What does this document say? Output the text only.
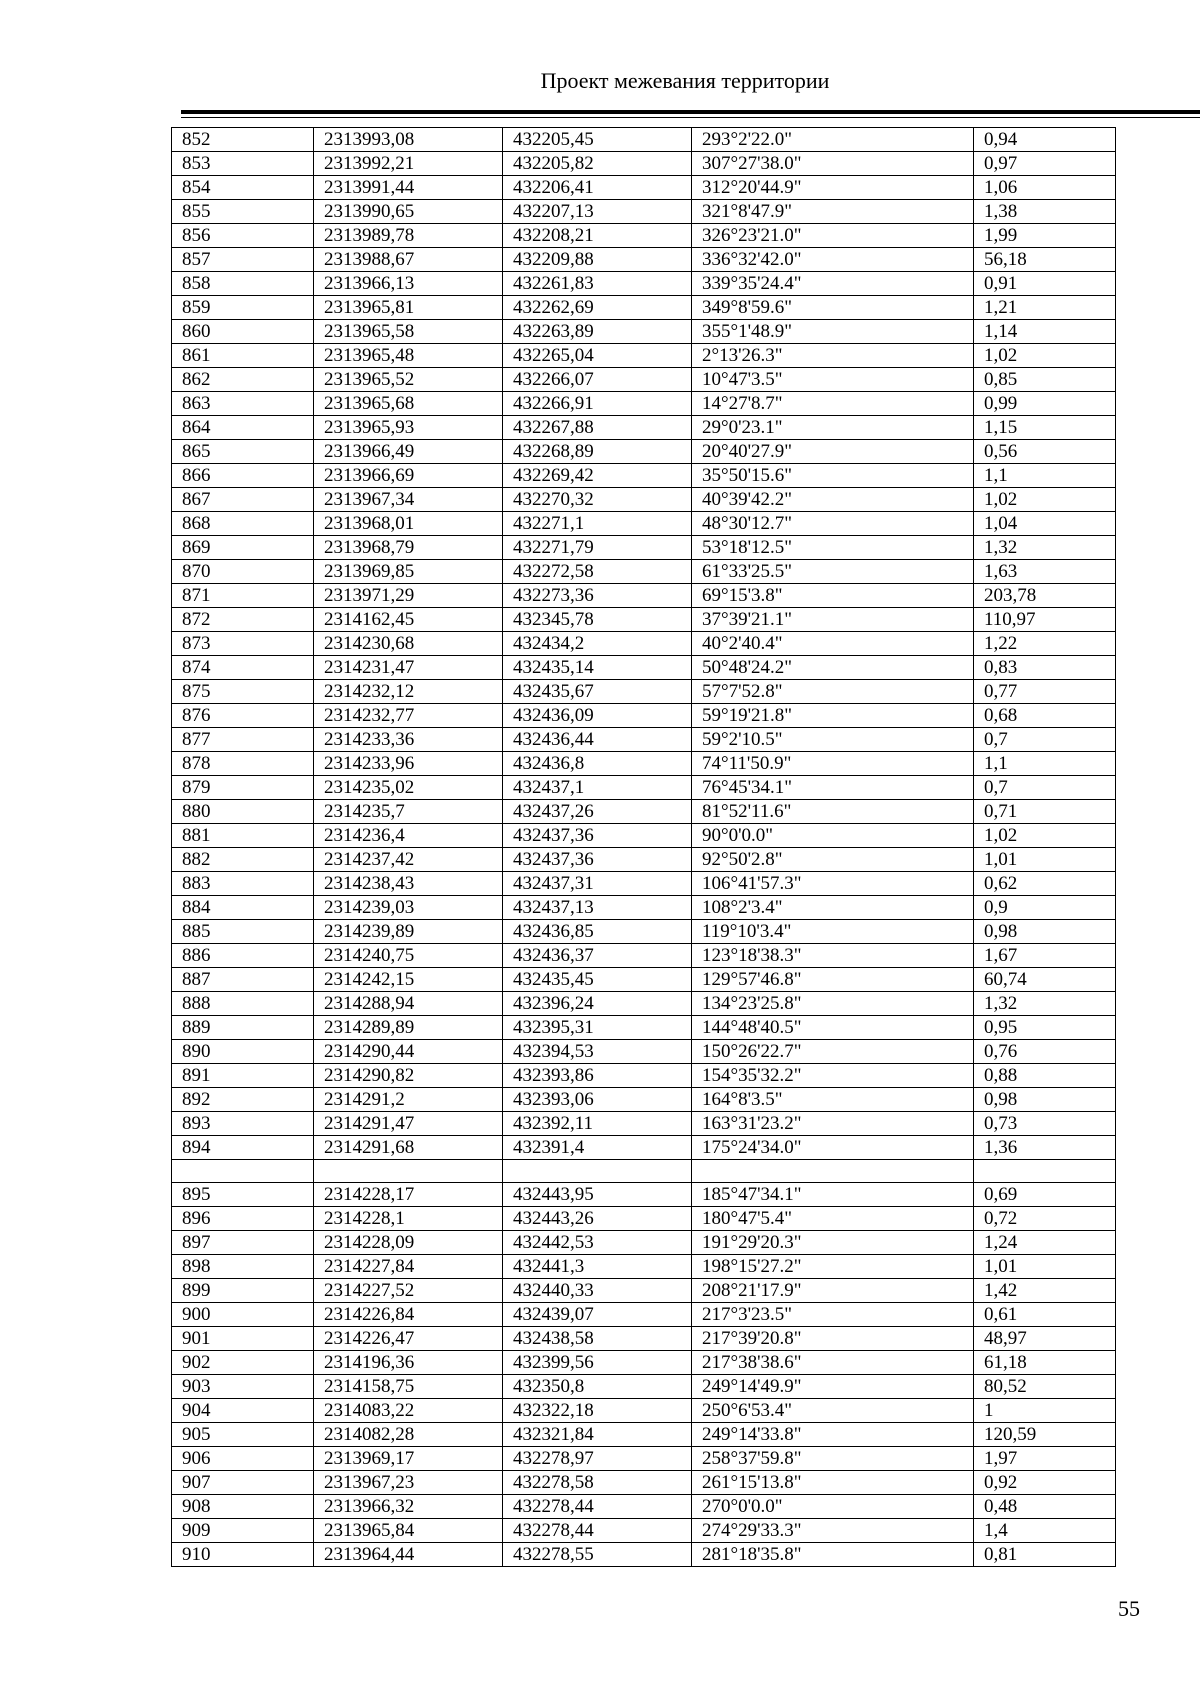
Проект межевания территории
852	2313993,08	432205,45	293°2'22.0"	0,94
853	2313992,21	432205,82	307°27'38.0"	0,97
854	2313991,44	432206,41	312°20'44.9"	1,06
855	2313990,65	432207,13	321°8'47.9"	1,38
856	2313989,78	432208,21	326°23'21.0"	1,99
857	2313988,67	432209,88	336°32'42.0"	56,18
858	2313966,13	432261,83	339°35'24.4"	0,91
859	2313965,81	432262,69	349°8'59.6"	1,21
860	2313965,58	432263,89	355°1'48.9"	1,14
861	2313965,48	432265,04	2°13'26.3"	1,02
862	2313965,52	432266,07	10°47'3.5"	0,85
863	2313965,68	432266,91	14°27'8.7"	0,99
864	2313965,93	432267,88	29°0'23.1"	1,15
865	2313966,49	432268,89	20°40'27.9"	0,56
866	2313966,69	432269,42	35°50'15.6"	1,1
867	2313967,34	432270,32	40°39'42.2"	1,02
868	2313968,01	432271,1	48°30'12.7"	1,04
869	2313968,79	432271,79	53°18'12.5"	1,32
870	2313969,85	432272,58	61°33'25.5"	1,63
871	2313971,29	432273,36	69°15'3.8"	203,78
872	2314162,45	432345,78	37°39'21.1"	110,97
873	2314230,68	432434,2	40°2'40.4"	1,22
874	2314231,47	432435,14	50°48'24.2"	0,83
875	2314232,12	432435,67	57°7'52.8"	0,77
876	2314232,77	432436,09	59°19'21.8"	0,68
877	2314233,36	432436,44	59°2'10.5"	0,7
878	2314233,96	432436,8	74°11'50.9"	1,1
879	2314235,02	432437,1	76°45'34.1"	0,7
880	2314235,7	432437,26	81°52'11.6"	0,71
881	2314236,4	432437,36	90°0'0.0"	1,02
882	2314237,42	432437,36	92°50'2.8"	1,01
883	2314238,43	432437,31	106°41'57.3"	0,62
884	2314239,03	432437,13	108°2'3.4"	0,9
885	2314239,89	432436,85	119°10'3.4"	0,98
886	2314240,75	432436,37	123°18'38.3"	1,67
887	2314242,15	432435,45	129°57'46.8"	60,74
888	2314288,94	432396,24	134°23'25.8"	1,32
889	2314289,89	432395,31	144°48'40.5"	0,95
890	2314290,44	432394,53	150°26'22.7"	0,76
891	2314290,82	432393,86	154°35'32.2"	0,88
892	2314291,2	432393,06	164°8'3.5"	0,98
893	2314291,47	432392,11	163°31'23.2"	0,73
894	2314291,68	432391,4	175°24'34.0"	1,36

895	2314228,17	432443,95	185°47'34.1"	0,69
896	2314228,1	432443,26	180°47'5.4"	0,72
897	2314228,09	432442,53	191°29'20.3"	1,24
898	2314227,84	432441,3	198°15'27.2"	1,01
899	2314227,52	432440,33	208°21'17.9"	1,42
900	2314226,84	432439,07	217°3'23.5"	0,61
901	2314226,47	432438,58	217°39'20.8"	48,97
902	2314196,36	432399,56	217°38'38.6"	61,18
903	2314158,75	432350,8	249°14'49.9"	80,52
904	2314083,22	432322,18	250°6'53.4"	1
905	2314082,28	432321,84	249°14'33.8"	120,59
906	2313969,17	432278,97	258°37'59.8"	1,97
907	2313967,23	432278,58	261°15'13.8"	0,92
908	2313966,32	432278,44	270°0'0.0"	0,48
909	2313965,84	432278,44	274°29'33.3"	1,4
910	2313964,44	432278,55	281°18'35.8"	0,81
55
